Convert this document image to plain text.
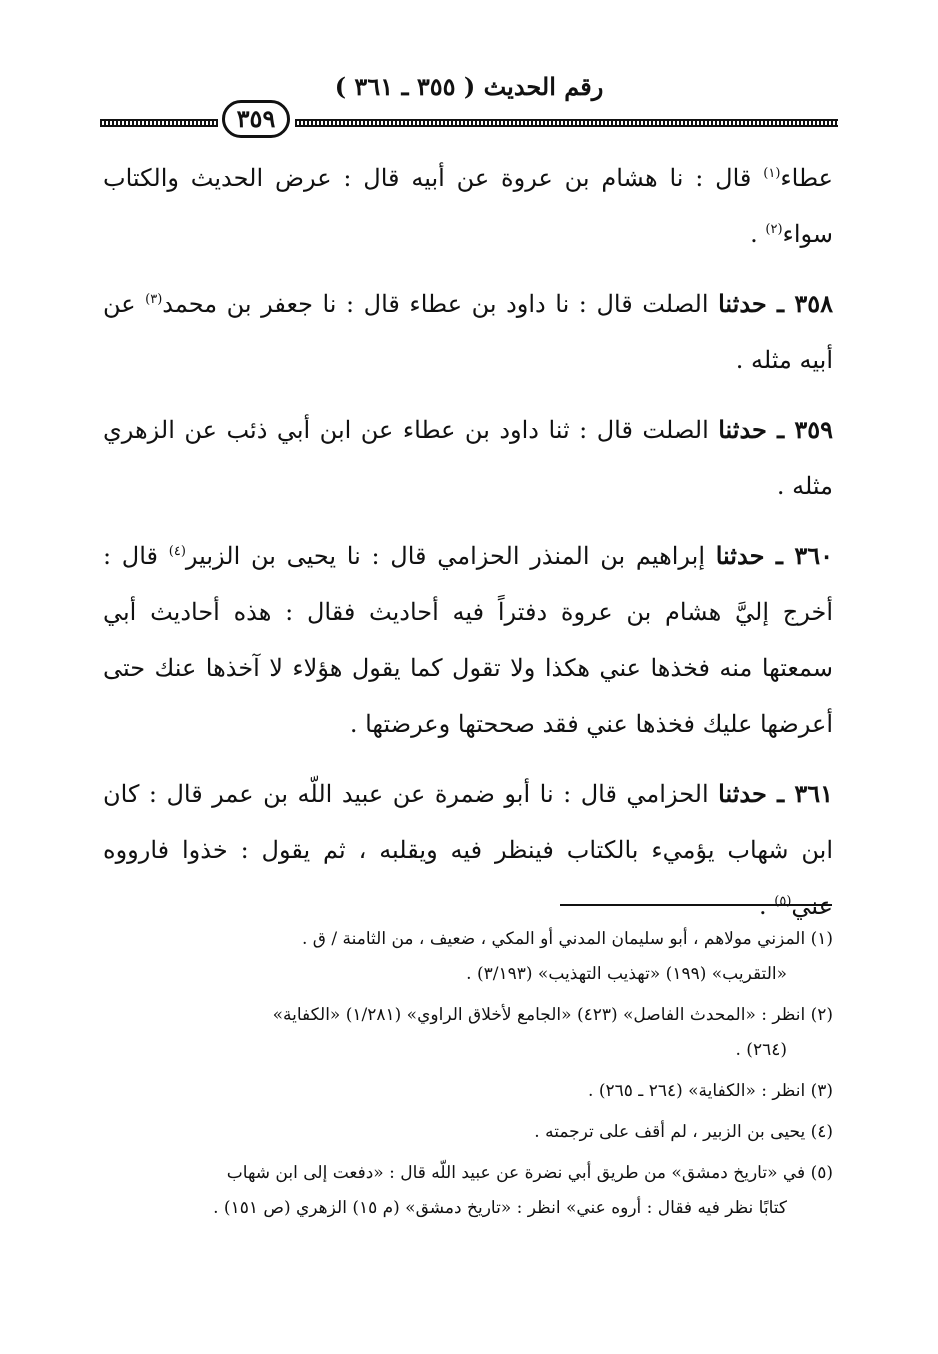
رقم الحديث ( ٣٥٥ ـ ٣٦١ )
٣٥٩

عطاء$^{(١)}$ قال : نا هشام بن عروة عن أبيه قال : عرض الحديث والكتاب سواء$^{(٢)}$ .

٣٥٨ ـ حدثنا الصلت قال : نا داود بن عطاء قال : نا جعفر بن محمد$^{(٣)}$ عن أبيه مثله .

٣٥٩ ـ حدثنا الصلت قال : ثنا داود بن عطاء عن ابن أبي ذئب عن الزهري مثله .

٣٦٠ ـ حدثنا إبراهيم بن المنذر الحزامي قال : نا يحيى بن الزبير$^{(٤)}$ قال : أخرج إليَّ هشام بن عروة دفتراً فيه أحاديث فقال : هذه أحاديث أبي سمعتها منه فخذها عني هكذا ولا تقول كما يقول هؤلاء لا آخذها عنك حتى أعرضها عليك فخذها عني فقد صححتها وعرضتها .

٣٦١ ـ حدثنا الحزامي قال : نا أبو ضمرة عن عبيد اللّه بن عمر قال : كان ابن شهاب يؤميء بالكتاب فينظر فيه ويقلبه ، ثم يقول : خذوا فارووه عني$^{(٥)}$ .

(١) المزني مولاهم ، أبو سليمان المدني أو المكي ، ضعيف ، من الثامنة / ق .
«التقريب» (١٩٩) «تهذيب التهذيب» (٣/١٩٣) .
(٢) انظر : «المحدث الفاصل» (٤٢٣) «الجامع لأخلاق الراوي» (١/٢٨١) «الكفاية»
(٢٦٤) .
(٣) انظر : «الكفاية» (٢٦٤ ـ ٢٦٥) .
(٤) يحيى بن الزبير ، لم أقف على ترجمته .
(٥) في «تاريخ دمشق» من طريق أبي نضرة عن عبيد اللّه قال : «دفعت إلى ابن شهاب
كتابًا نظر فيه فقال : أروه عني» انظر : «تاريخ دمشق» (م ١٥) الزهري (ص ١٥١) .
